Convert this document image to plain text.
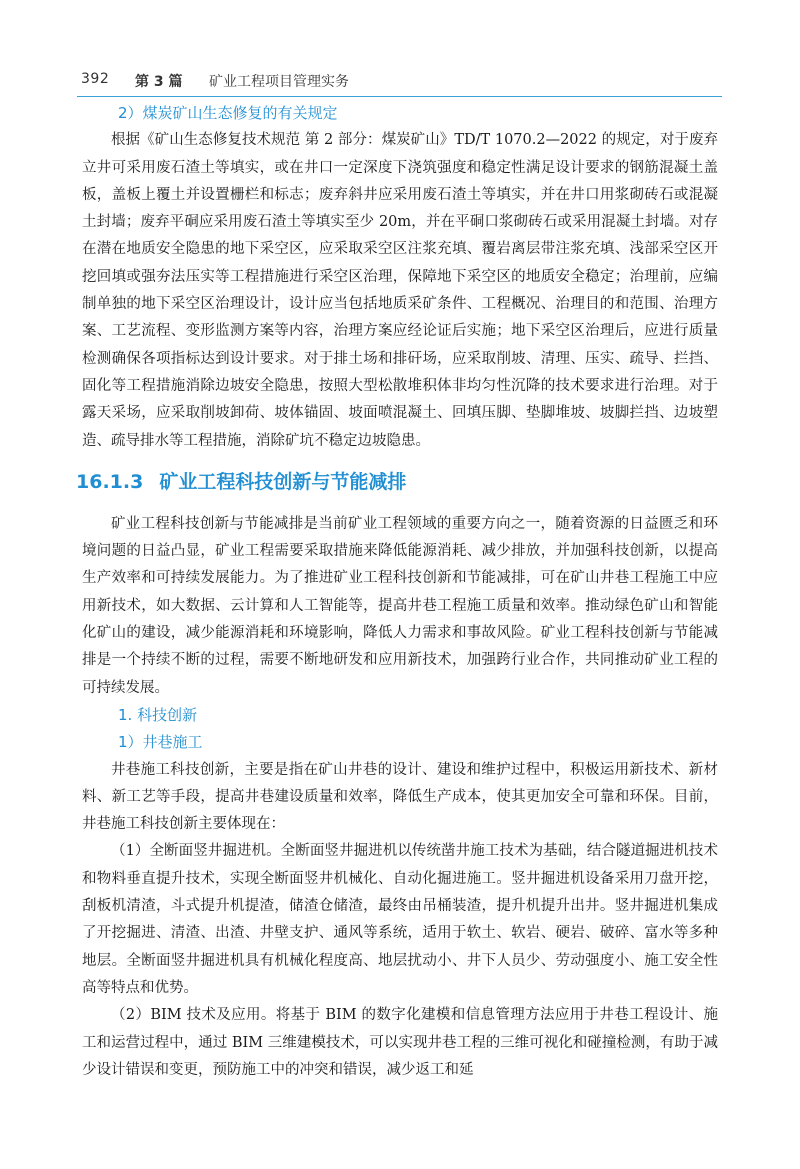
392 第 3 篇 矿业工程项目管理实务
2）煤炭矿山生态修复的有关规定

根据《矿山生态修复技术规范 第 2 部分：煤炭矿山》TD/T 1070.2—2022 的规定，对于废弃立井可采用废石渣土等填实，或在井口一定深度下浇筑强度和稳定性满足设计要求的钢筋混凝土盖板，盖板上覆土并设置栅栏和标志；废弃斜井应采用废石渣土等填实，并在井口用浆砌砖石或混凝土封墙；废弃平硐应采用废石渣土等填实至少 20m，并在平硐口浆砌砖石或采用混凝土封墙。对存在潜在地质安全隐患的地下采空区，应采取采空区注浆充填、覆岩离层带注浆充填、浅部采空区开挖回填或强夯法压实等工程措施进行采空区治理，保障地下采空区的地质安全稳定；治理前，应编制单独的地下采空区治理设计，设计应当包括地质采矿条件、工程概况、治理目的和范围、治理方案、工艺流程、变形监测方案等内容，治理方案应经论证后实施；地下采空区治理后，应进行质量检测确保各项指标达到设计要求。对于排土场和排矸场，应采取削坡、清理、压实、疏导、拦挡、固化等工程措施消除边坡安全隐患，按照大型松散堆积体非均匀性沉降的技术要求进行治理。对于露天采场，应采取削坡卸荷、坡体锚固、坡面喷混凝土、回填压脚、垫脚堆坡、坡脚拦挡、边坡塑造、疏导排水等工程措施，消除矿坑不稳定边坡隐患。

16.1.3 矿业工程科技创新与节能减排

矿业工程科技创新与节能减排是当前矿业工程领域的重要方向之一，随着资源的日益匮乏和环境问题的日益凸显，矿业工程需要采取措施来降低能源消耗、减少排放，并加强科技创新，以提高生产效率和可持续发展能力。为了推进矿业工程科技创新和节能减排，可在矿山井巷工程施工中应用新技术，如大数据、云计算和人工智能等，提高井巷工程施工质量和效率。推动绿色矿山和智能化矿山的建设，减少能源消耗和环境影响，降低人力需求和事故风险。矿业工程科技创新与节能减排是一个持续不断的过程，需要不断地研发和应用新技术，加强跨行业合作，共同推动矿业工程的可持续发展。

1. 科技创新
1）井巷施工

井巷施工科技创新，主要是指在矿山井巷的设计、建设和维护过程中，积极运用新技术、新材料、新工艺等手段，提高井巷建设质量和效率，降低生产成本，使其更加安全可靠和环保。目前，井巷施工科技创新主要体现在：

（1）全断面竖井掘进机。全断面竖井掘进机以传统凿井施工技术为基础，结合隧道掘进机技术和物料垂直提升技术，实现全断面竖井机械化、自动化掘进施工。竖井掘进机设备采用刀盘开挖，刮板机清渣，斗式提升机提渣，储渣仓储渣，最终由吊桶装渣，提升机提升出井。竖井掘进机集成了开挖掘进、清渣、出渣、井壁支护、通风等系统，适用于软土、软岩、硬岩、破碎、富水等多种地层。全断面竖井掘进机具有机械化程度高、地层扰动小、井下人员少、劳动强度小、施工安全性高等特点和优势。

（2）BIM 技术及应用。将基于 BIM 的数字化建模和信息管理方法应用于井巷工程设计、施工和运营过程中，通过 BIM 三维建模技术，可以实现井巷工程的三维可视化和碰撞检测，有助于减少设计错误和变更，预防施工中的冲突和错误，减少返工和延
